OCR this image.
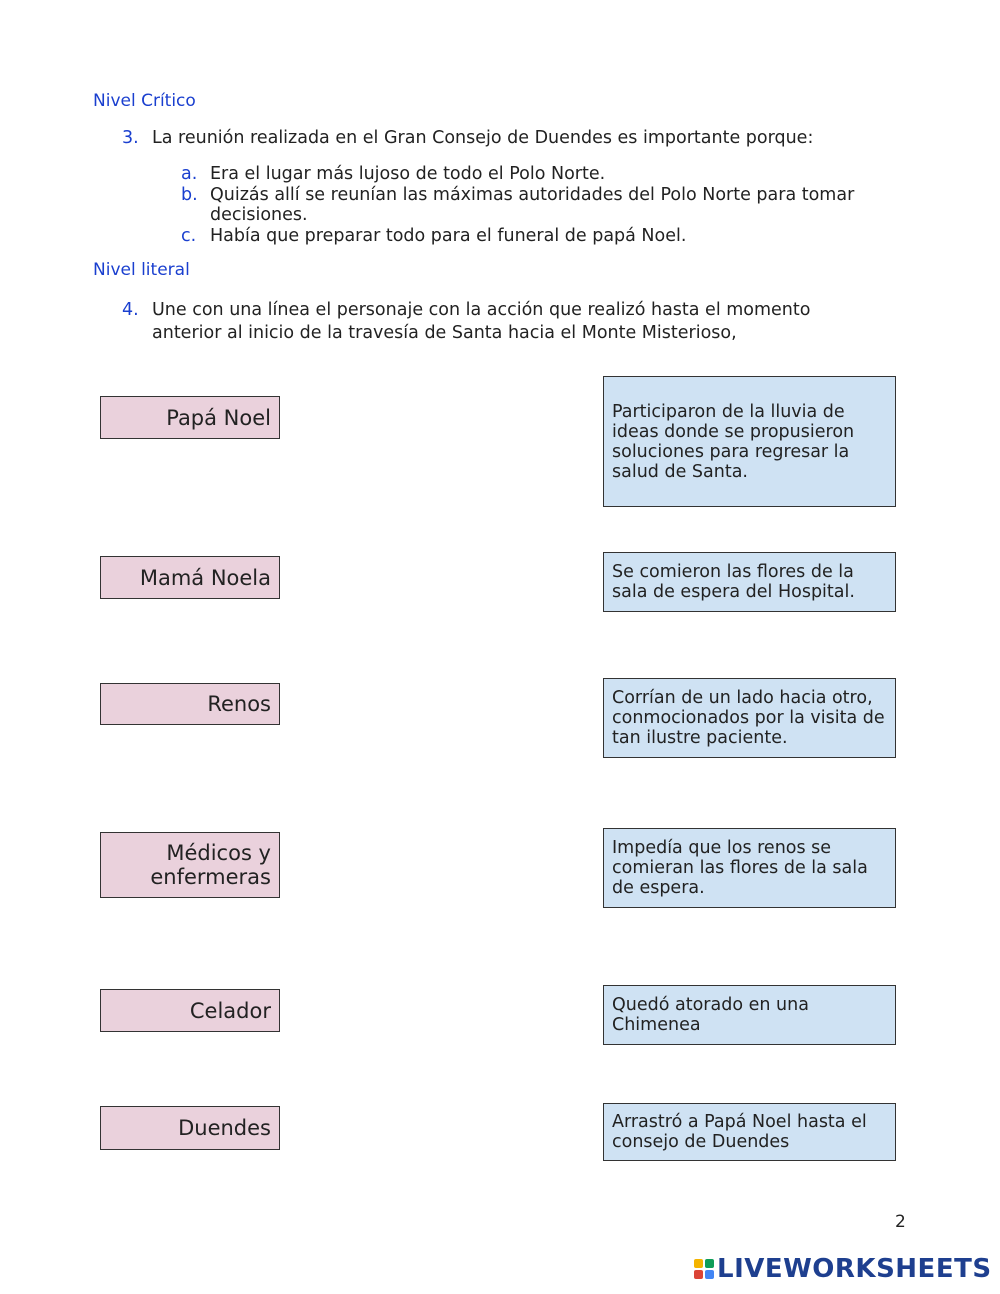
Nivel Crítico
3. La reunión realizada en el Gran Consejo de Duendes es importante porque:
a. Era el lugar más lujoso de todo el Polo Norte.
b. Quizás allí se reunían las máximas autoridades del Polo Norte para tomar decisiones.
c. Había que preparar todo para el funeral de papá Noel.
Nivel literal
4. Une con una línea el personaje con la acción que realizó hasta el momento anterior al inicio de la travesía de Santa hacia el Monte Misterioso,
Papá Noel
Mamá Noela
Renos
Médicos y enfermeras
Celador
Duendes
Participaron de la lluvia de ideas donde se propusieron soluciones para regresar la salud de Santa.
Se comieron las flores de la sala de espera del Hospital.
Corrían de un lado hacia otro, conmocionados por la visita de tan ilustre paciente.
Impedía que los renos se comieran las flores de la sala de espera.
Quedó atorado en una Chimenea
Arrastró a Papá Noel hasta el consejo de Duendes
2
LIVEWORKSHEETS
